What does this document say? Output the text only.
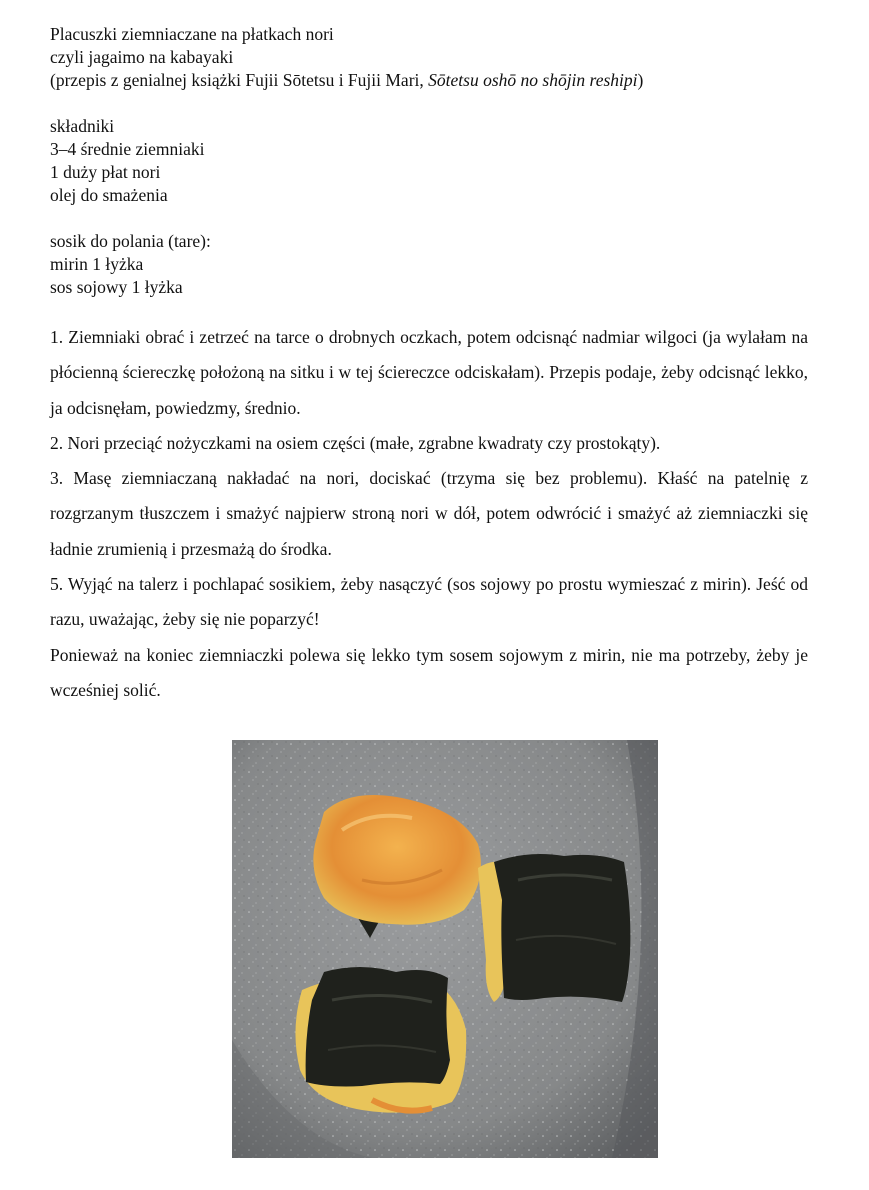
Placuszki ziemniaczane na płatkach nori
czyli jagaimo na kabayaki
(przepis z genialnej książki Fujii Sōtetsu i Fujii Mari, Sōtetsu oshō no shōjin reshipi)
składniki
3–4 średnie ziemniaki
1 duży płat nori
olej do smażenia
sosik do polania (tare):
mirin 1 łyżka
sos sojowy 1 łyżka

1. Ziemniaki obrać i zetrzeć na tarce o drobnych oczkach, potem odcisnąć nadmiar wilgoci (ja wylałam na płócienną ściereczkę położoną na sitku i w tej ściereczce odciskałam). Przepis podaje, żeby odcisnąć lekko, ja odcisnęłam, powiedzmy, średnio.

2. Nori przeciąć nożyczkami na osiem części (małe, zgrabne kwadraty czy prostokąty).

3. Masę ziemniaczaną nakładać na nori, dociskać (trzyma się bez problemu). Kłaść na patelnię z rozgrzanym tłuszczem i smażyć najpierw stroną nori w dół, potem odwrócić i smażyć aż ziemniaczki się ładnie zrumienią i przesmażą do środka.

5. Wyjąć na talerz i pochlapać sosikiem, żeby nasączyć (sos sojowy po prostu wymieszać z mirin). Jeść od razu, uważając, żeby się nie poparzyć!

Ponieważ na koniec ziemniaczki polewa się lekko tym sosem sojowym z mirin, nie ma potrzeby, żeby je wcześniej solić.
